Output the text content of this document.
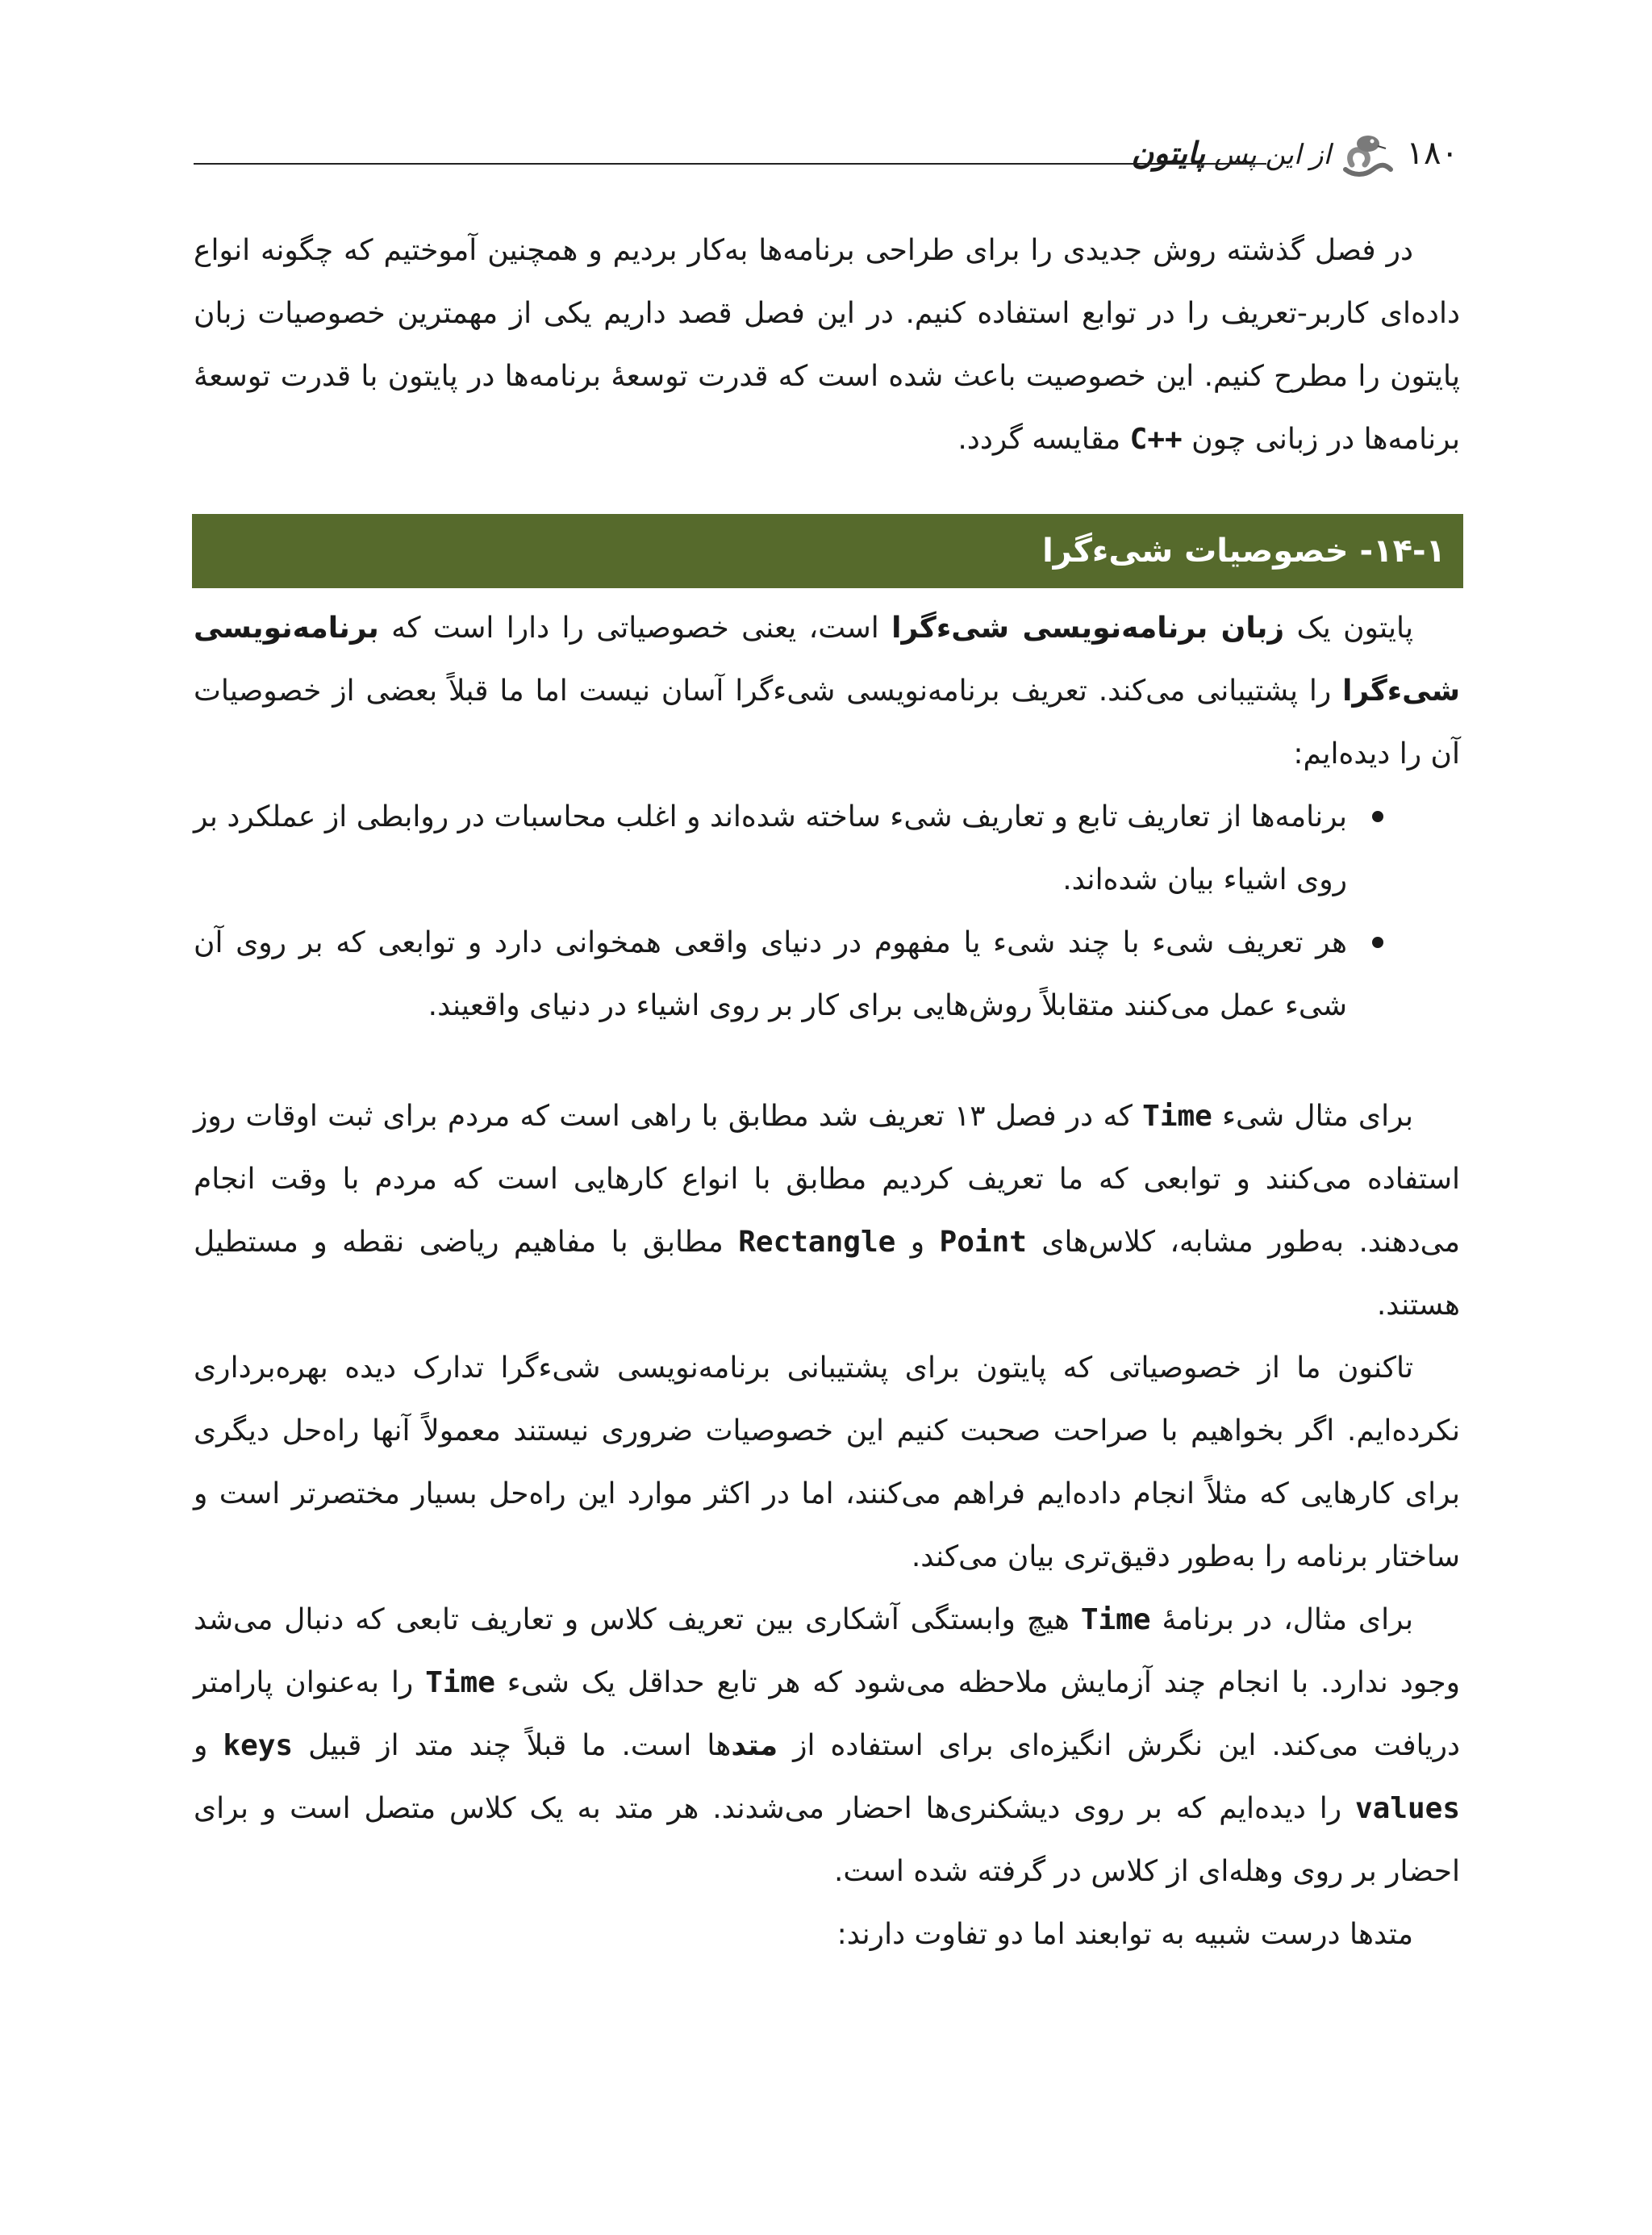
۱۸۰
از این پس پایتون

در فصل گذشته روش جدیدی را برای طراحی برنامه‌ها به‌کار بردیم و همچنین آموختیم که چگونه انواع داده‌ای کاربر-تعریف را در توابع استفاده کنیم. در این فصل قصد داریم یکی از مهمترین خصوصیات زبان پایتون را مطرح کنیم. این خصوصیت باعث شده است که قدرت توسعهٔ برنامه‌ها در پایتون با قدرت توسعهٔ برنامه‌ها در زبانی چون C++ مقایسه گردد.

۱۴-۱- خصوصیات شیءگرا

پایتون یک زبان برنامه‌نویسی شیءگرا است، یعنی خصوصیاتی را دارا است که برنامه‌نویسی شیءگرا را پشتیبانی می‌کند. تعریف برنامه‌نویسی شیءگرا آسان نیست اما ما قبلاً بعضی از خصوصیات آن را دیده‌ایم:

برنامه‌ها از تعاریف تابع و تعاریف شیء ساخته شده‌اند و اغلب محاسبات در روابطی از عملکرد بر روی اشیاء بیان شده‌اند.
هر تعریف شیء با چند شیء یا مفهوم در دنیای واقعی همخوانی دارد و توابعی که بر روی آن شیء عمل می‌کنند متقابلاً روش‌هایی برای کار بر روی اشیاء در دنیای واقعیند.

برای مثال شیء Time که در فصل ۱۳ تعریف شد مطابق با راهی است که مردم برای ثبت اوقات روز استفاده می‌کنند و توابعی که ما تعریف کردیم مطابق با انواع کارهایی است که مردم با وقت انجام می‌دهند. به‌طور مشابه، کلاس‌های Point و Rectangle مطابق با مفاهیم ریاضی نقطه و مستطیل هستند.

تاکنون ما از خصوصیاتی که پایتون برای پشتیبانی برنامه‌نویسی شیءگرا تدارک دیده بهره‌برداری نکرده‌ایم. اگر بخواهیم با صراحت صحبت کنیم این خصوصیات ضروری نیستند معمولاً آنها راه‌حل دیگری برای کارهایی که مثلاً انجام داده‌ایم فراهم می‌کنند، اما در اکثر موارد این راه‌حل بسیار مختصرتر است و ساختار برنامه را به‌طور دقیق‌تری بیان می‌کند.

برای مثال، در برنامهٔ Time هیچ وابستگی آشکاری بین تعریف کلاس و تعاریف تابعی که دنبال می‌شد وجود ندارد. با انجام چند آزمایش ملاحظه می‌شود که هر تابع حداقل یک شیء Time را به‌عنوان پارامتر دریافت می‌کند. این نگرش انگیزه‌ای برای استفاده از متدها است. ما قبلاً چند متد از قبیل keys و values را دیده‌ایم که بر روی دیشکنری‌ها احضار می‌شدند. هر متد به یک کلاس متصل است و برای احضار بر روی وهله‌ای از کلاس در گرفته شده است.

متدها درست شبیه به توابعند اما دو تفاوت دارند:
